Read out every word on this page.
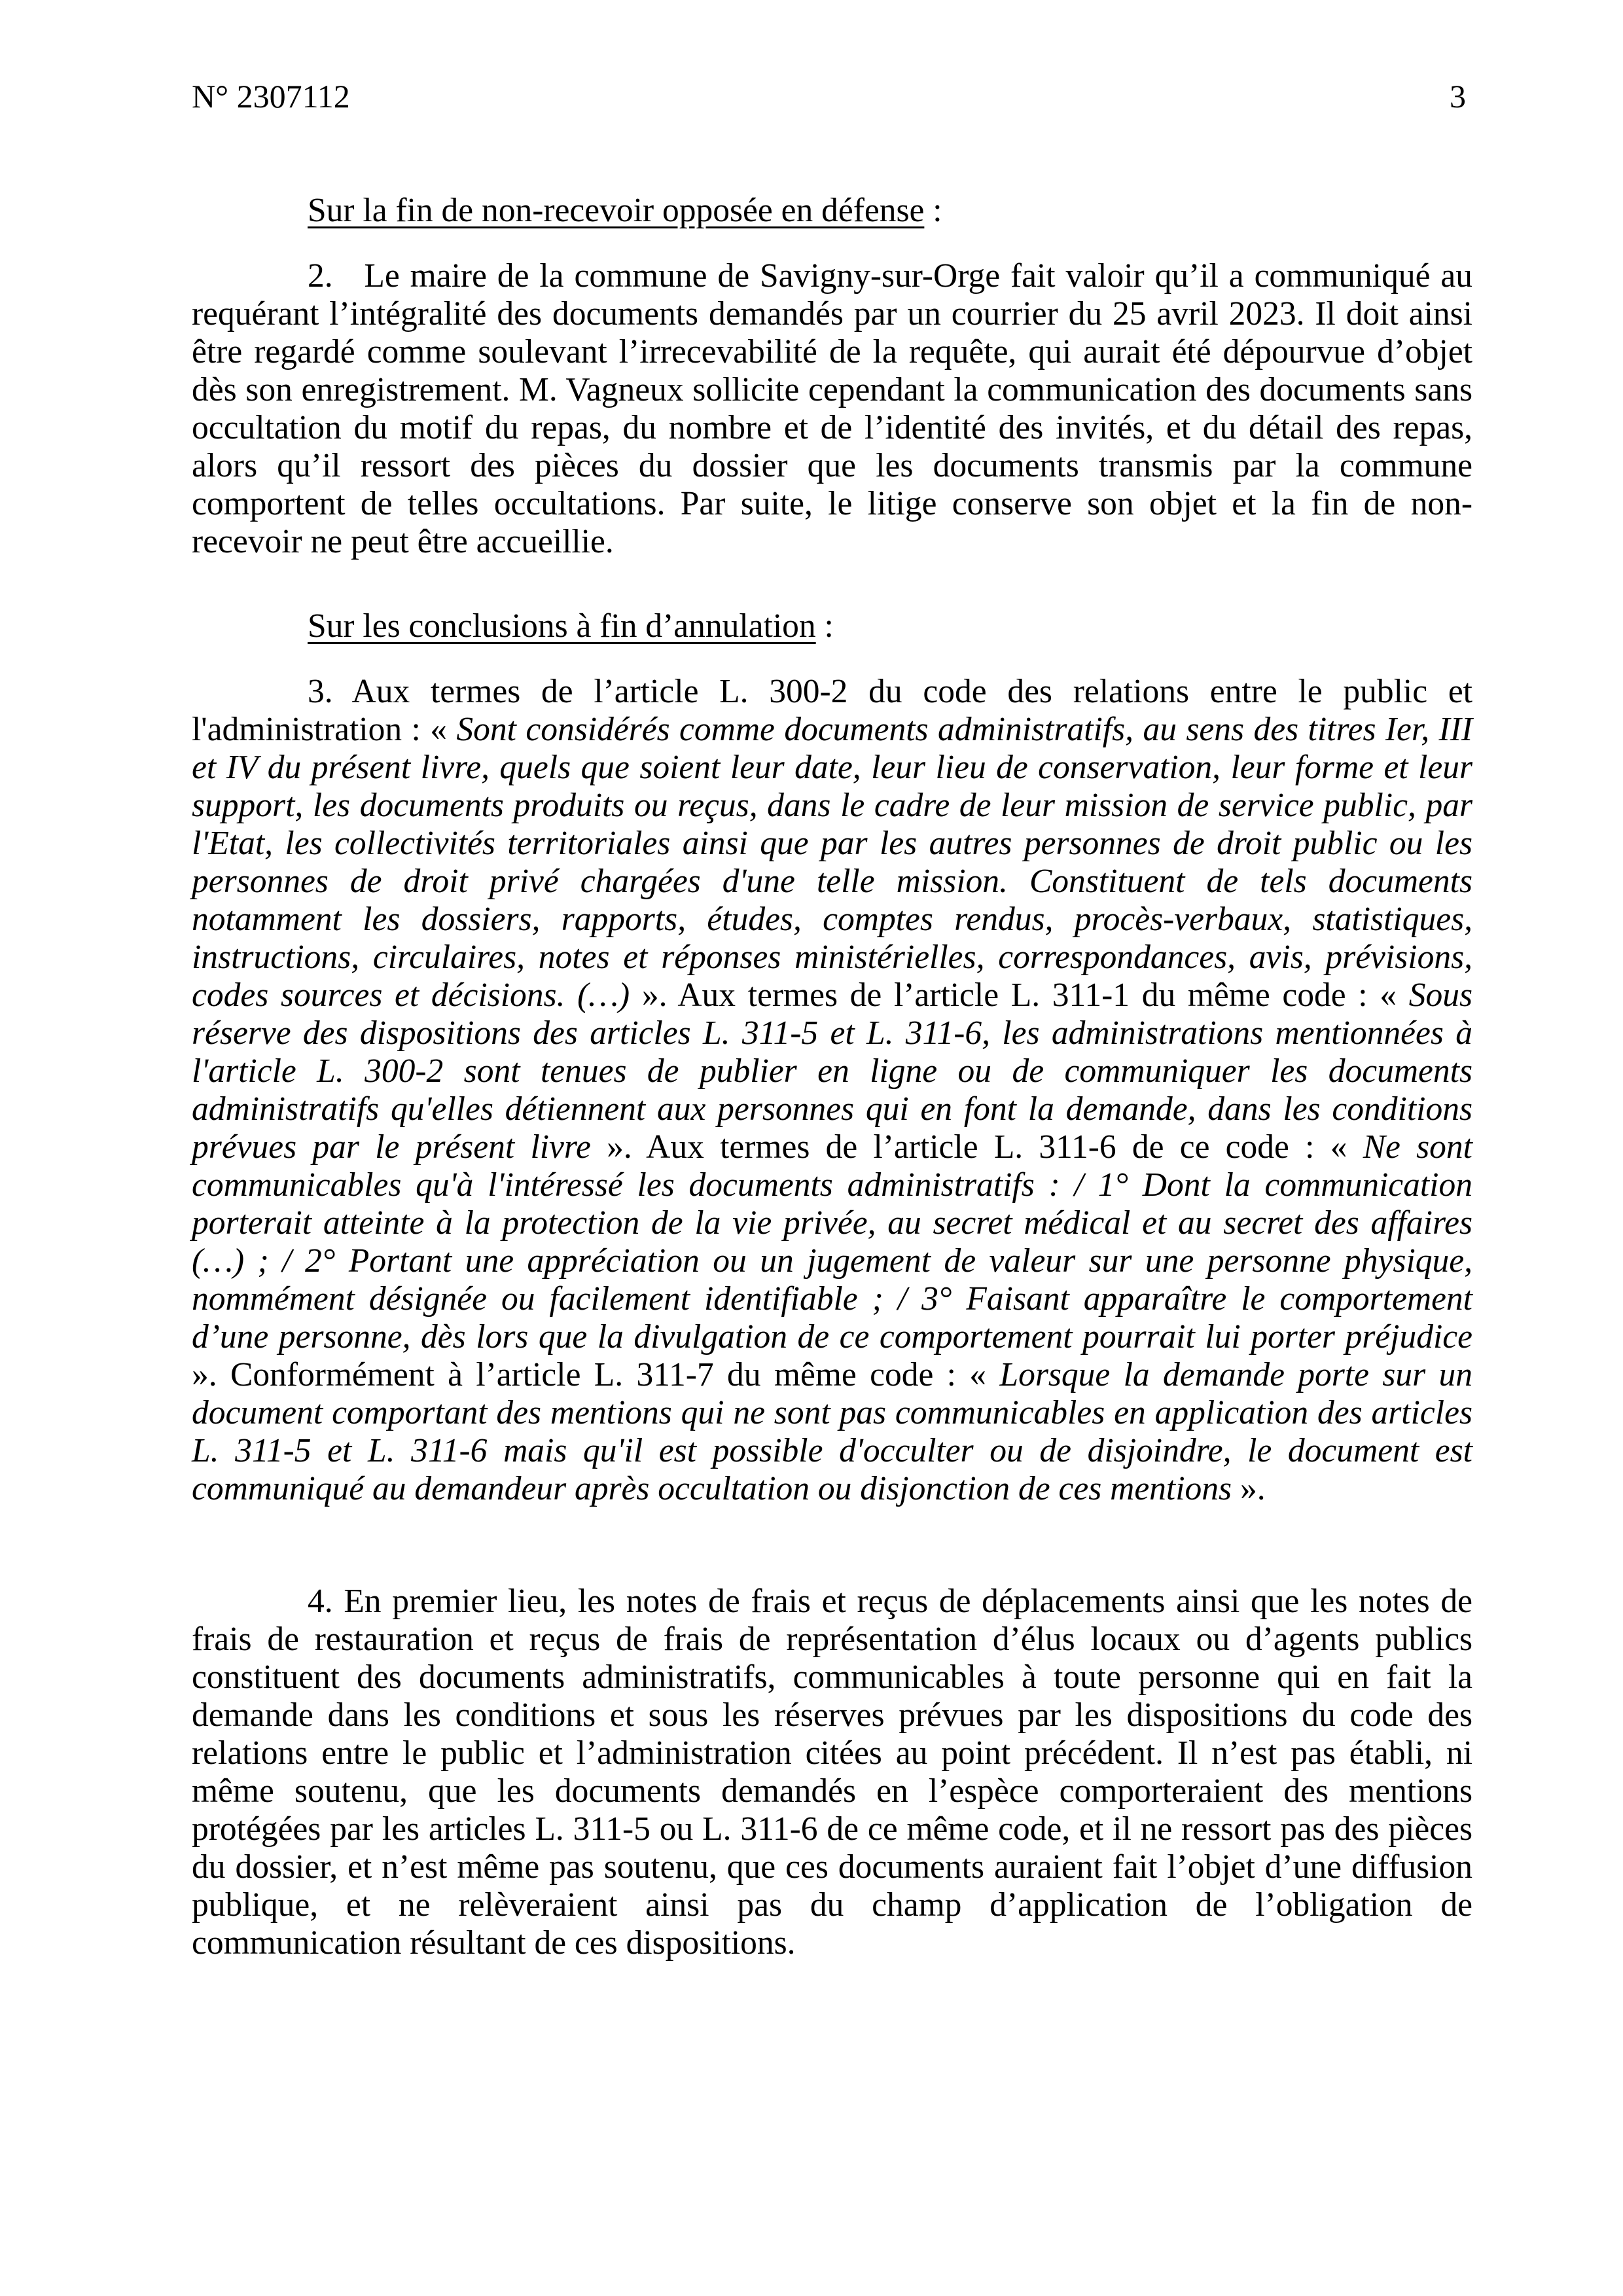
N° 2307112	3
Sur la fin de non-recevoir opposée en défense :
2. Le maire de la commune de Savigny-sur-Orge fait valoir qu’il a communiqué au requérant l’intégralité des documents demandés par un courrier du 25 avril 2023. Il doit ainsi être regardé comme soulevant l’irrecevabilité de la requête, qui aurait été dépourvue d’objet dès son enregistrement. M. Vagneux sollicite cependant la communication des documents sans occultation du motif du repas, du nombre et de l’identité des invités, et du détail des repas, alors qu’il ressort des pièces du dossier que les documents transmis par la commune comportent de telles occultations. Par suite, le litige conserve son objet et la fin de non-recevoir ne peut être accueillie.
Sur les conclusions à fin d’annulation :
3. Aux termes de l’article L. 300-2 du code des relations entre le public et l'administration : « Sont considérés comme documents administratifs, au sens des titres Ier, III et IV du présent livre, quels que soient leur date, leur lieu de conservation, leur forme et leur support, les documents produits ou reçus, dans le cadre de leur mission de service public, par l'Etat, les collectivités territoriales ainsi que par les autres personnes de droit public ou les personnes de droit privé chargées d'une telle mission. Constituent de tels documents notamment les dossiers, rapports, études, comptes rendus, procès-verbaux, statistiques, instructions, circulaires, notes et réponses ministérielles, correspondances, avis, prévisions, codes sources et décisions. (…) ». Aux termes de l’article L. 311-1 du même code : « Sous réserve des dispositions des articles L. 311-5 et L. 311-6, les administrations mentionnées à l'article L. 300-2 sont tenues de publier en ligne ou de communiquer les documents administratifs qu'elles détiennent aux personnes qui en font la demande, dans les conditions prévues par le présent livre ». Aux termes de l’article L. 311-6 de ce code : « Ne sont communicables qu'à l'intéressé les documents administratifs : / 1° Dont la communication porterait atteinte à la protection de la vie privée, au secret médical et au secret des affaires (…) ; / 2° Portant une appréciation ou un jugement de valeur sur une personne physique, nommément désignée ou facilement identifiable ; / 3° Faisant apparaître le comportement d’une personne, dès lors que la divulgation de ce comportement pourrait lui porter préjudice ». Conformément à l’article L. 311-7 du même code : « Lorsque la demande porte sur un document comportant des mentions qui ne sont pas communicables en application des articles L. 311-5 et L. 311-6 mais qu'il est possible d'occulter ou de disjoindre, le document est communiqué au demandeur après occultation ou disjonction de ces mentions ».
4. En premier lieu, les notes de frais et reçus de déplacements ainsi que les notes de frais de restauration et reçus de frais de représentation d’élus locaux ou d’agents publics constituent des documents administratifs, communicables à toute personne qui en fait la demande dans les conditions et sous les réserves prévues par les dispositions du code des relations entre le public et l’administration citées au point précédent. Il n’est pas établi, ni même soutenu, que les documents demandés en l’espèce comporteraient des mentions protégées par les articles L. 311-5 ou L. 311-6 de ce même code, et il ne ressort pas des pièces du dossier, et n’est même pas soutenu, que ces documents auraient fait l’objet d’une diffusion publique, et ne relèveraient ainsi pas du champ d’application de l’obligation de communication résultant de ces dispositions.
